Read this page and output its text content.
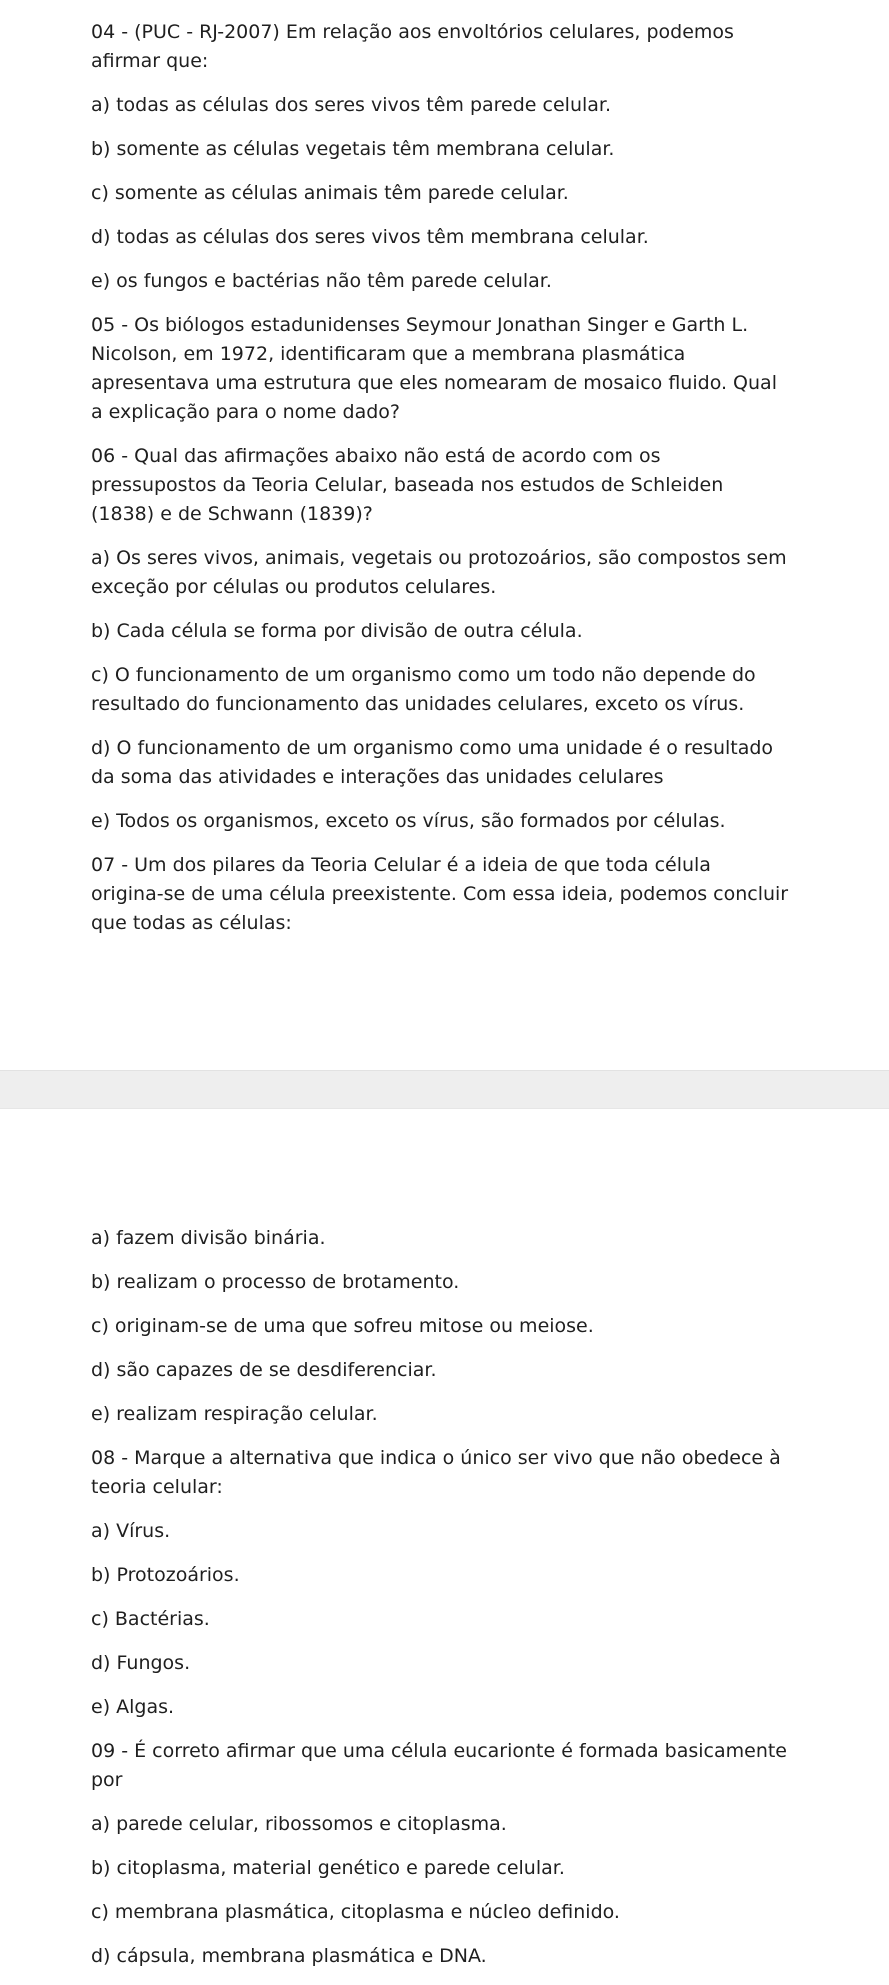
04 - (PUC - RJ-2007) Em relação aos envoltórios celulares, podemos afirmar que:

a) todas as células dos seres vivos têm parede celular.

b) somente as células vegetais têm membrana celular.

c) somente as células animais têm parede celular.

d) todas as células dos seres vivos têm membrana celular.

e) os fungos e bactérias não têm parede celular.

05 - Os biólogos estadunidenses Seymour Jonathan Singer e Garth L. Nicolson, em 1972, identificaram que a membrana plasmática apresentava uma estrutura que eles nomearam de mosaico fluido. Qual a explicação para o nome dado?

06 - Qual das afirmações abaixo não está de acordo com os pressupostos da Teoria Celular, baseada nos estudos de Schleiden (1838) e de Schwann (1839)?

a) Os seres vivos, animais, vegetais ou protozoários, são compostos sem exceção por células ou produtos celulares.

b) Cada célula se forma por divisão de outra célula.

c) O funcionamento de um organismo como um todo não depende do resultado do funcionamento das unidades celulares, exceto os vírus.

d) O funcionamento de um organismo como uma unidade é o resultado da soma das atividades e interações das unidades celulares

e) Todos os organismos, exceto os vírus, são formados por células.

07 - Um dos pilares da Teoria Celular é a ideia de que toda célula origina-se de uma célula preexistente. Com essa ideia, podemos concluir que todas as células:

a) fazem divisão binária.

b) realizam o processo de brotamento.

c) originam-se de uma que sofreu mitose ou meiose.

d) são capazes de se desdiferenciar.

e) realizam respiração celular.

08 - Marque a alternativa que indica o único ser vivo que não obedece à teoria celular:

a) Vírus.

b) Protozoários.

c) Bactérias.

d) Fungos.

e) Algas.

09 - É correto afirmar que uma célula eucarionte é formada basicamente por

a) parede celular, ribossomos e citoplasma.

b) citoplasma, material genético e parede celular.

c) membrana plasmática, citoplasma e núcleo definido.

d) cápsula, membrana plasmática e DNA.
